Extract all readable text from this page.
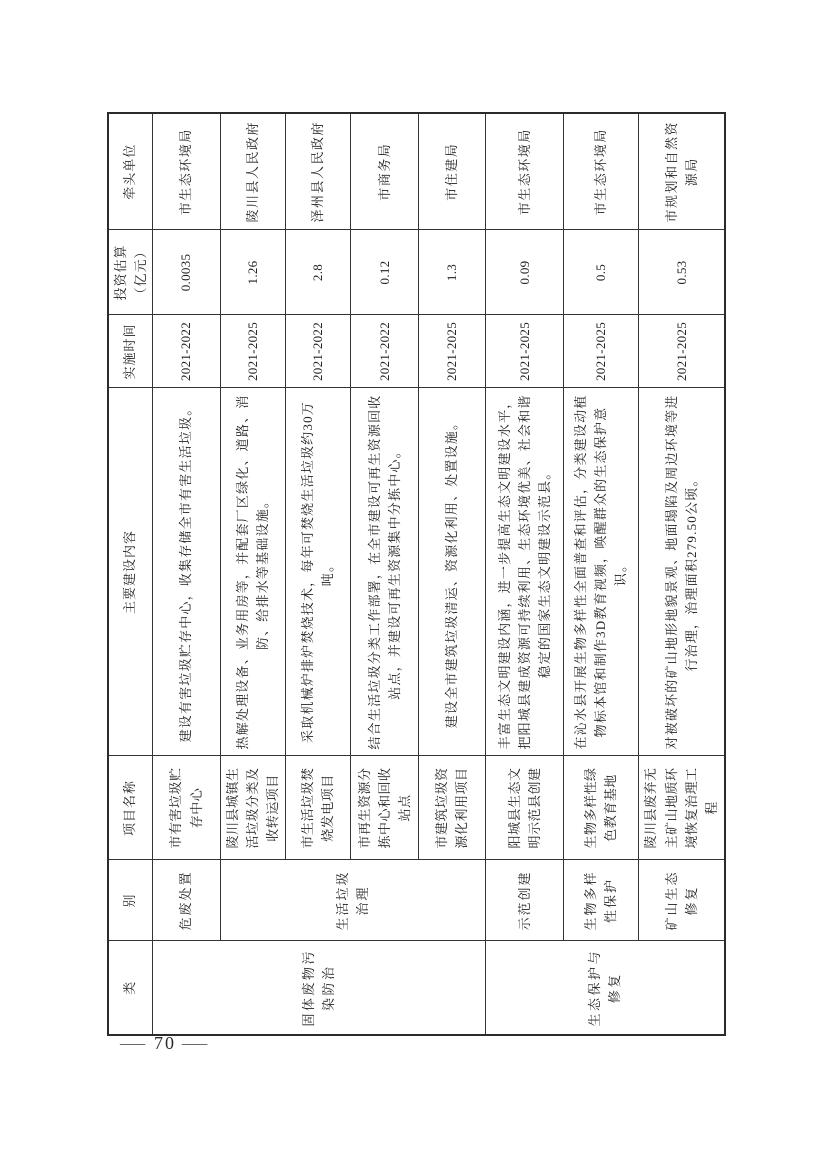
类	别	项目名称	主要建设内容	实施时间	投资估算 （亿元）	牵头单位
固体废物污染防治	危废处置	市有害垃圾贮存中心	建设有害垃圾贮存中心，收集存储全市有害生活垃圾。	2021-2022	0.0035	市生态环境局
	生活垃圾治理	陵川县城镇生活垃圾分类及收转运项目	热解处理设备、业务用房等，并配套厂区绿化、道路、消防、给排水等基础设施。	2021-2025	1.26	陵川县人民政府
		市生活垃圾焚烧发电项目	采取机械炉排炉焚烧技术，每年可焚烧生活垃圾约30万吨。	2021-2022	2.8	泽州县人民政府
		市再生资源分拣中心和回收站点	结合生活垃圾分类工作部署，在全市建设可再生资源回收站点，并建设可再生资源集中分拣中心。	2021-2022	0.12	市商务局
		市建筑垃圾资源化利用项目	建设全市建筑垃圾清运、资源化利用、处置设施。	2021-2025	1.3	市住建局
生态保护与修复	示范创建	阳城县生态文明示范县创建	丰富生态文明建设内涵，进一步提高生态文明建设水平，把阳城县建成资源可持续利用、生态环境优美、社会和谐稳定的国家生态文明建设示范县。	2021-2025	0.09	市生态环境局
	生物多样性保护	生物多样性绿色教育基地	在沁水县开展生物多样性全面普查和评估，分类建设动植物标本馆和制作3D教育视频，唤醒群众的生态保护意识。	2021-2025	0.5	市生态环境局
	矿山生态修复	陵川县废弃无主矿山地质环境恢复治理工程	对被破坏的矿山地形地貌景观、地面塌陷及周边环境等进行治理，治理面积279.50公顷。	2021-2025	0.53	市规划和自然资源局
— 70 —
